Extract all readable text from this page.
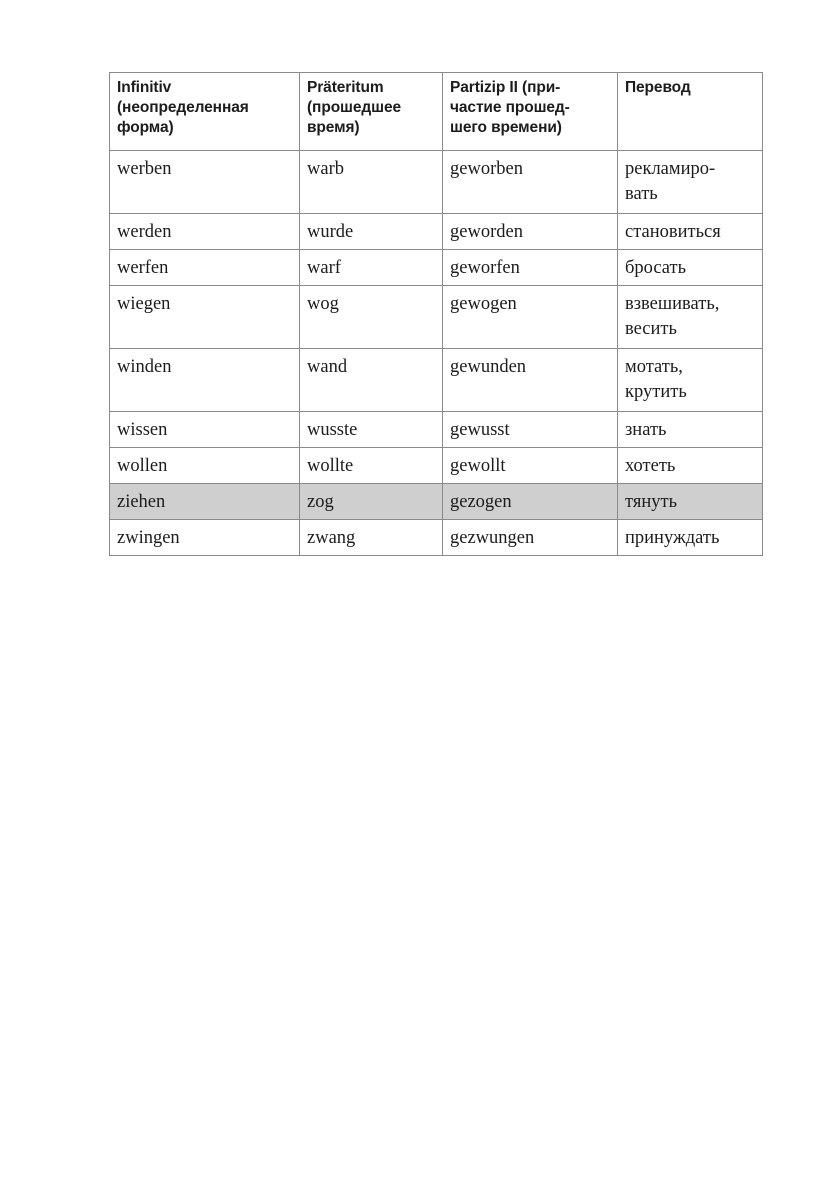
Infinitiv
(неопределенная
форма)	Präteritum
(прошедшее
время)	Partizip II (при-
частие прошед-
шего времени)	Перевод

werben	warb	geworben	рекламиро-
вать

werden	wurde	geworden	становиться

werfen	warf	geworfen	бросать

wiegen	wog	gewogen	взвешивать,
весить

winden	wand	gewunden	мотать,
крутить

wissen	wusste	gewusst	знать

wollen	wollte	gewollt	хотеть

ziehen	zog	gezogen	тянуть

zwingen	zwang	gezwungen	принуждать
